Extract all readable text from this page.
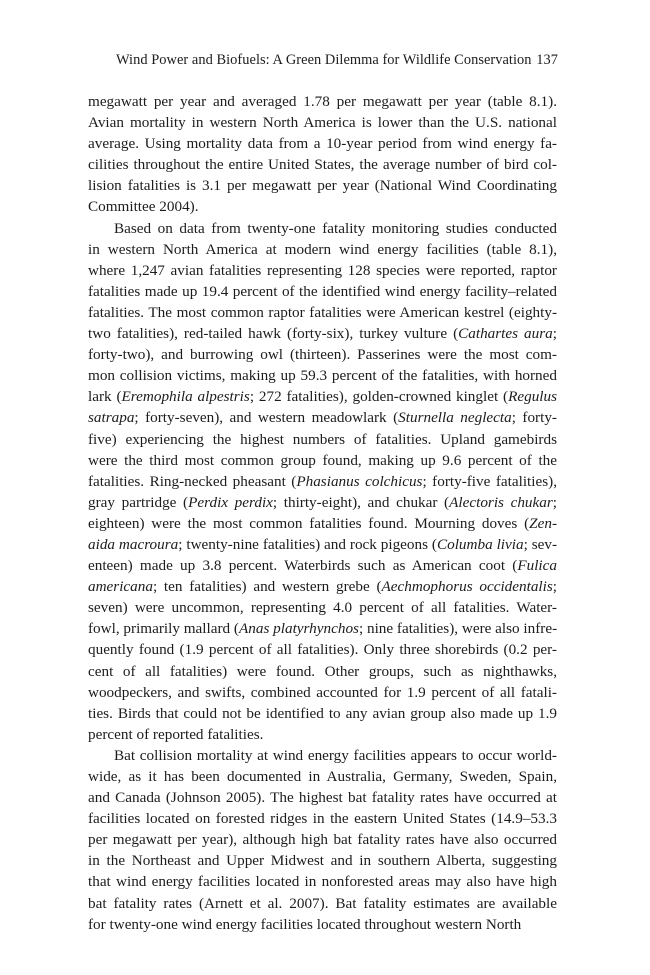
Wind Power and Biofuels: A Green Dilemma for Wildlife Conservation 137
megawatt per year and averaged 1.78 per megawatt per year (table 8.1).
Avian mortality in western North America is lower than the U.S. national
average. Using mortality data from a 10-year period from wind energy fa-
cilities throughout the entire United States, the average number of bird col-
lision fatalities is 3.1 per megawatt per year (National Wind Coordinating
Committee 2004).
Based on data from twenty-one fatality monitoring studies conducted
in western North America at modern wind energy facilities (table 8.1),
where 1,247 avian fatalities representing 128 species were reported, raptor
fatalities made up 19.4 percent of the identified wind energy facility–related
fatalities. The most common raptor fatalities were American kestrel (eighty-
two fatalities), red-tailed hawk (forty-six), turkey vulture (Cathartes aura;
forty-two), and burrowing owl (thirteen). Passerines were the most com-
mon collision victims, making up 59.3 percent of the fatalities, with horned
lark (Eremophila alpestris; 272 fatalities), golden-crowned kinglet (Regulus
satrapa; forty-seven), and western meadowlark (Sturnella neglecta; forty-
five) experiencing the highest numbers of fatalities. Upland gamebirds
were the third most common group found, making up 9.6 percent of the
fatalities. Ring-necked pheasant (Phasianus colchicus; forty-five fatalities),
gray partridge (Perdix perdix; thirty-eight), and chukar (Alectoris chukar;
eighteen) were the most common fatalities found. Mourning doves (Zen-
aida macroura; twenty-nine fatalities) and rock pigeons (Columba livia; sev-
enteen) made up 3.8 percent. Waterbirds such as American coot (Fulica
americana; ten fatalities) and western grebe (Aechmophorus occidentalis;
seven) were uncommon, representing 4.0 percent of all fatalities. Water-
fowl, primarily mallard (Anas platyrhynchos; nine fatalities), were also infre-
quently found (1.9 percent of all fatalities). Only three shorebirds (0.2 per-
cent of all fatalities) were found. Other groups, such as nighthawks,
woodpeckers, and swifts, combined accounted for 1.9 percent of all fatali-
ties. Birds that could not be identified to any avian group also made up 1.9
percent of reported fatalities.
Bat collision mortality at wind energy facilities appears to occur world-
wide, as it has been documented in Australia, Germany, Sweden, Spain,
and Canada (Johnson 2005). The highest bat fatality rates have occurred at
facilities located on forested ridges in the eastern United States (14.9–53.3
per megawatt per year), although high bat fatality rates have also occurred
in the Northeast and Upper Midwest and in southern Alberta, suggesting
that wind energy facilities located in nonforested areas may also have high
bat fatality rates (Arnett et al. 2007). Bat fatality estimates are available
for twenty-one wind energy facilities located throughout western North
